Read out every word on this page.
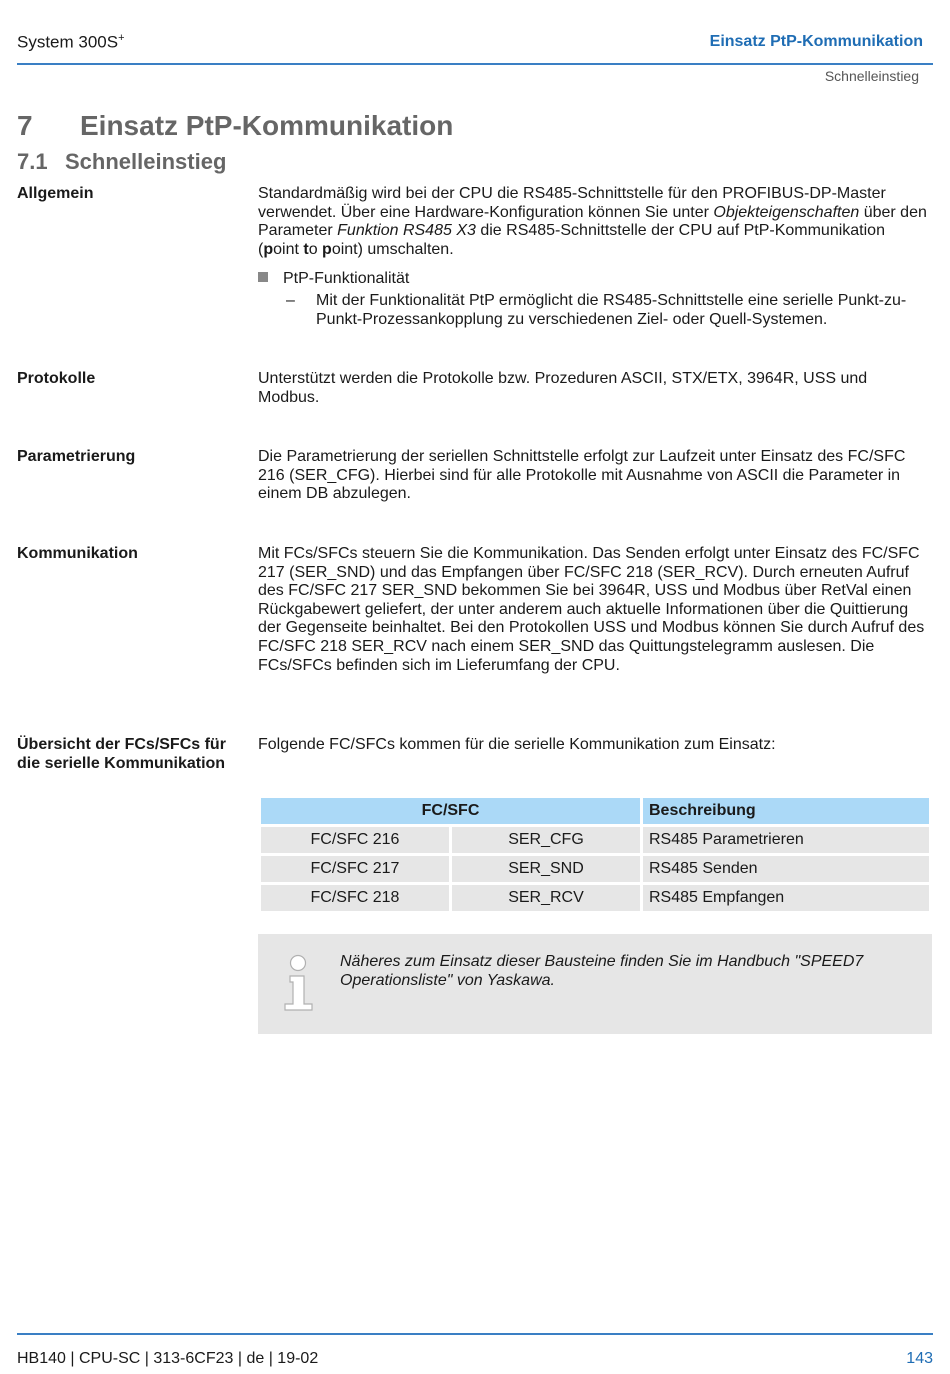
System 300S+	Einsatz PtP-Kommunikation
Schnelleinstieg
7 Einsatz PtP-Kommunikation
7.1 Schnelleinstieg
Allgemein	Standardmäßig wird bei der CPU die RS485-Schnittstelle für den PROFIBUS-DP-Master verwendet. Über eine Hardware-Konfiguration können Sie unter Objekteigenschaften über den Parameter Funktion RS485 X3 die RS485-Schnittstelle der CPU auf PtP-Kommunikation (point to point) umschalten.
PtP-Funktionalität
– Mit der Funktionalität PtP ermöglicht die RS485-Schnittstelle eine serielle Punkt-zu-Punkt-Prozessankopplung zu verschiedenen Ziel- oder Quell-Systemen.
Protokolle	Unterstützt werden die Protokolle bzw. Prozeduren ASCII, STX/ETX, 3964R, USS und Modbus.
Parametrierung	Die Parametrierung der seriellen Schnittstelle erfolgt zur Laufzeit unter Einsatz des FC/SFC 216 (SER_CFG). Hierbei sind für alle Protokolle mit Ausnahme von ASCII die Parameter in einem DB abzulegen.
Kommunikation	Mit FCs/SFCs steuern Sie die Kommunikation. Das Senden erfolgt unter Einsatz des FC/SFC 217 (SER_SND) und das Empfangen über FC/SFC 218 (SER_RCV). Durch erneuten Aufruf des FC/SFC 217 SER_SND bekommen Sie bei 3964R, USS und Modbus über RetVal einen Rückgabewert geliefert, der unter anderem auch aktuelle Informationen über die Quittierung der Gegenseite beinhaltet. Bei den Protokollen USS und Modbus können Sie durch Aufruf des FC/SFC 218 SER_RCV nach einem SER_SND das Quittungstelegramm auslesen. Die FCs/SFCs befinden sich im Lieferumfang der CPU.
Übersicht der FCs/SFCs für die serielle Kommunikation
Folgende FC/SFCs kommen für die serielle Kommunikation zum Einsatz:
FC/SFC		Beschreibung
FC/SFC 216	SER_CFG	RS485 Parametrieren
FC/SFC 217	SER_SND	RS485 Senden
FC/SFC 218	SER_RCV	RS485 Empfangen
Näheres zum Einsatz dieser Bausteine finden Sie im Handbuch "SPEED7 Operationsliste" von Yaskawa.
HB140 | CPU-SC | 313-6CF23 | de | 19-02	143
